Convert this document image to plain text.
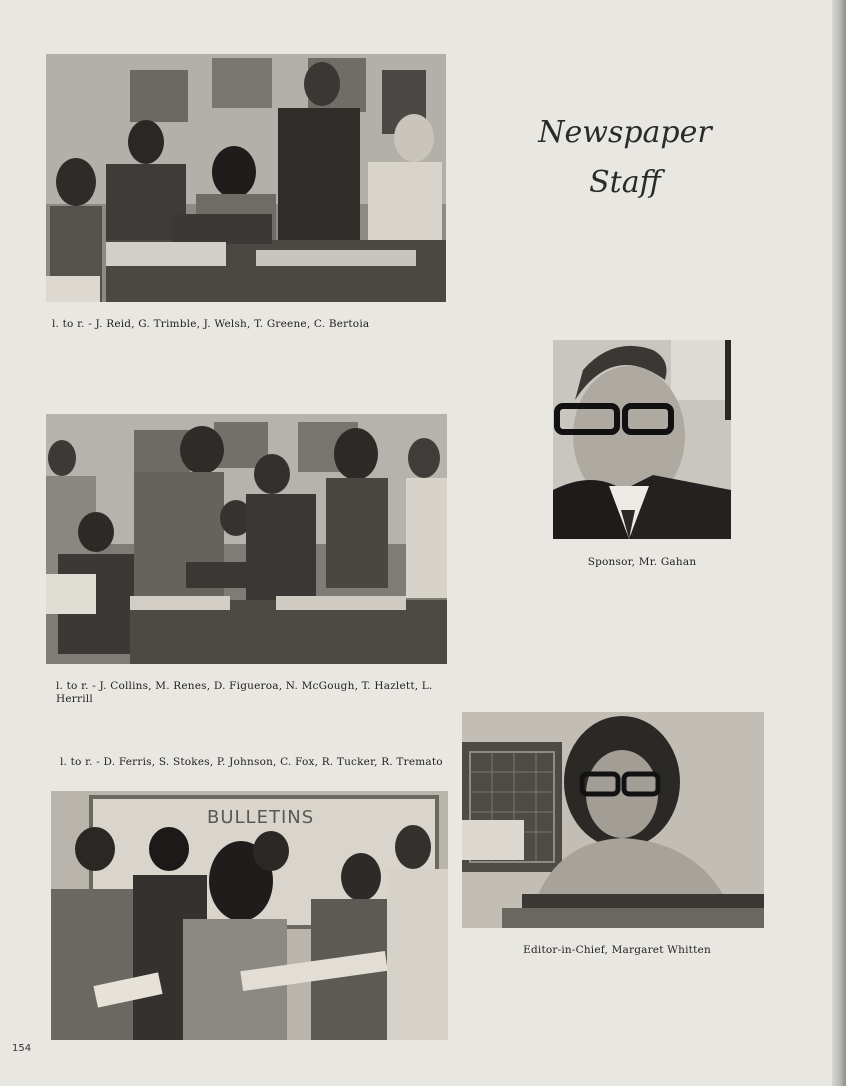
l. to r. - J. Reid, G. Trimble, J. Welsh, T. Greene, C. Bertoia
Newspaper
Staff
Sponsor, Mr. Gahan
l. to r. - J. Collins, M. Renes, D. Figueroa, N. McGough, T. Hazlett, L. Herrill
Editor-in-Chief, Margaret Whitten
l. to r. - D. Ferris, S. Stokes, P. Johnson, C. Fox, R. Tucker, R. Tremato
BULLETINS
154
